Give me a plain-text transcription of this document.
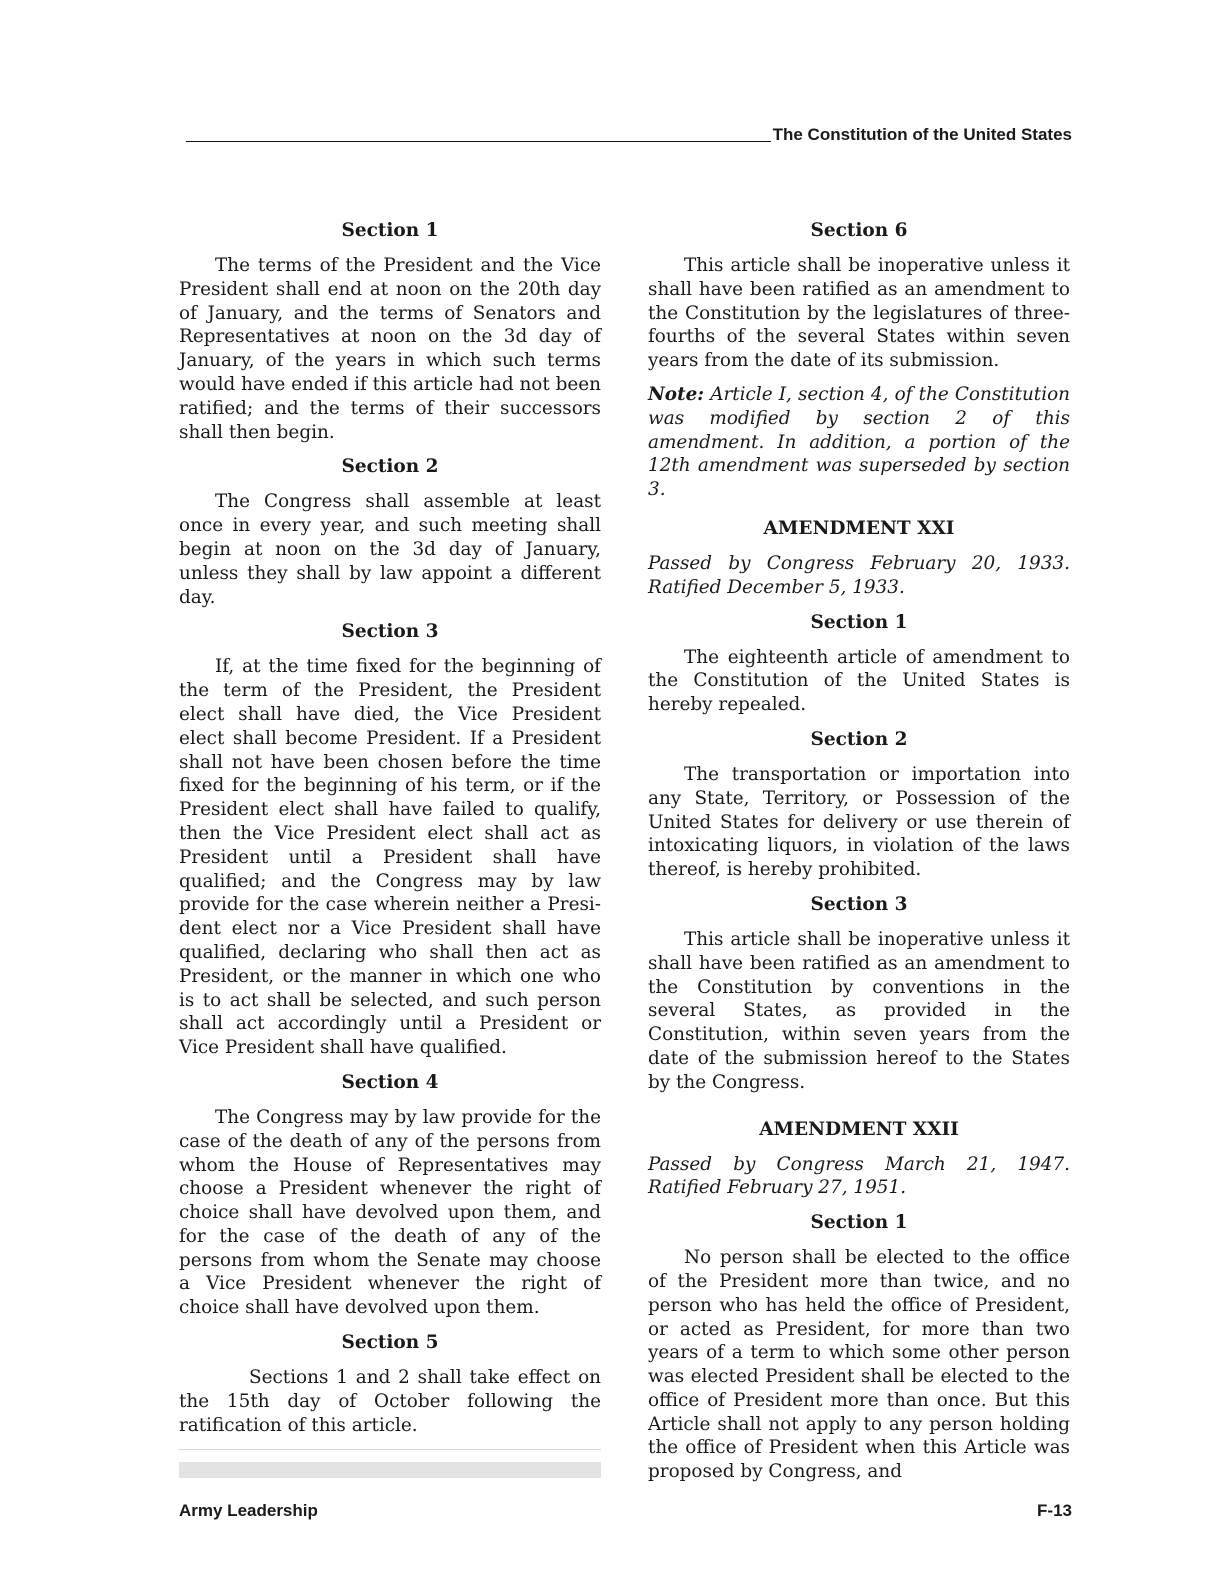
The Constitution of the United States
Section 1

The terms of the President and the Vice President shall end at noon on the 20th day of January, and the terms of Senators and Representatives at noon on the 3d day of January, of the years in which such terms would have ended if this article had not been ratified; and the terms of their successors shall then begin.

Section 2

The Congress shall assemble at least once in every year, and such meeting shall begin at noon on the 3d day of January, unless they shall by law appoint a different day.

Section 3

If, at the time fixed for the beginning of the term of the President, the President elect shall have died, the Vice President elect shall become President. If a President shall not have been chosen before the time fixed for the beginning of his term, or if the President elect shall have failed to qualify, then the Vice President elect shall act as President until a President shall have qualified; and the Congress may by law provide for the case wherein neither a President elect nor a Vice President shall have qualified, declaring who shall then act as President, or the manner in which one who is to act shall be selected, and such person shall act accordingly until a President or Vice President shall have qualified.

Section 4

The Congress may by law provide for the case of the death of any of the persons from whom the House of Representatives may choose a President whenever the right of choice shall have devolved upon them, and for the case of the death of any of the persons from whom the Senate may choose a Vice President whenever the right of choice shall have devolved upon them.

Section 5

Sections 1 and 2 shall take effect on the 15th day of October following the ratification of this article.

Section 6

This article shall be inoperative unless it shall have been ratified as an amendment to the Constitution by the legislatures of three-fourths of the several States within seven years from the date of its submission.

Note: Article I, section 4, of the Constitution was modified by section 2 of this amendment. In addition, a portion of the 12th amendment was superseded by section 3.

AMENDMENT XXI

Passed by Congress February 20, 1933. Ratified December 5, 1933.

Section 1

The eighteenth article of amendment to the Constitution of the United States is hereby repealed.

Section 2

The transportation or importation into any State, Territory, or Possession of the United States for delivery or use therein of intoxicating liquors, in violation of the laws thereof, is hereby prohibited.

Section 3

This article shall be inoperative unless it shall have been ratified as an amendment to the Constitution by conventions in the several States, as provided in the Constitution, within seven years from the date of the submission hereof to the States by the Congress.

AMENDMENT XXII

Passed by Congress March 21, 1947. Ratified February 27, 1951.

Section 1

No person shall be elected to the office of the President more than twice, and no person who has held the office of President, or acted as President, for more than two years of a term to which some other person was elected President shall be elected to the office of President more than once. But this Article shall not apply to any person holding the office of President when this Article was proposed by Congress, and

Army Leadership	F-13
